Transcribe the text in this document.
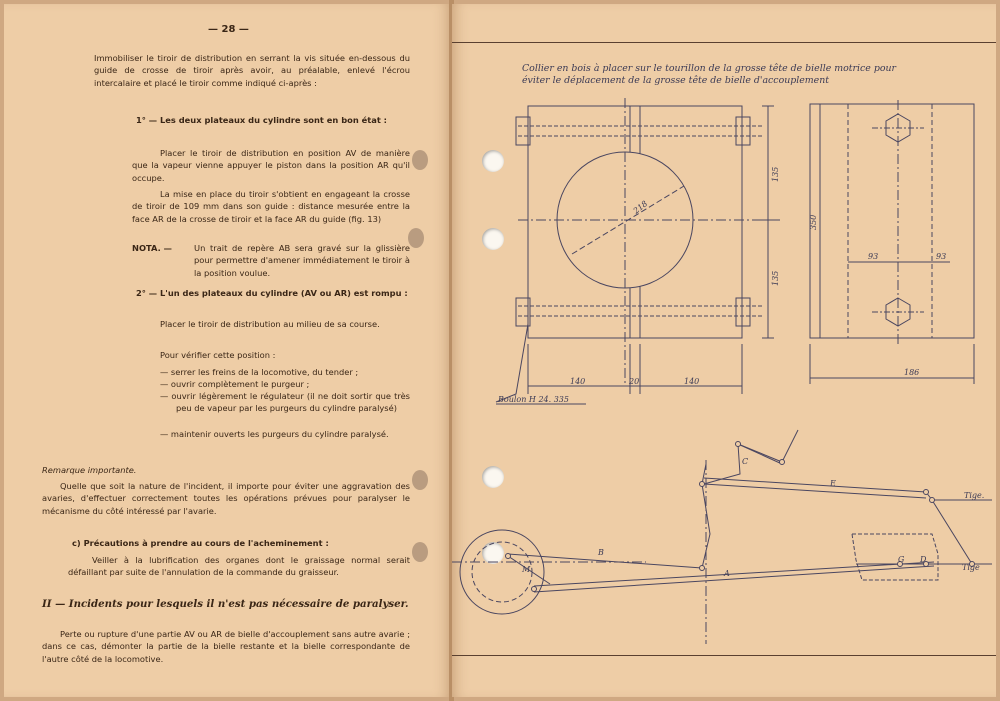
— 28 —
Immobiliser le tiroir de distribution en serrant la vis située en-dessous du guide de crosse de tiroir après avoir, au préalable, enlevé l'écrou intercalaire et placé le tiroir comme indiqué ci-après :
1° — Les deux plateaux du cylindre sont en bon état :
Placer le tiroir de distribution en position AV de manière que la vapeur vienne appuyer le piston dans la position AR qu'il occupe.
La mise en place du tiroir s'obtient en engageant la crosse de tiroir de 109 mm dans son guide : distance mesurée entre la face AR de la crosse de tiroir et la face AR du guide (fig. 13)
NOTA. —	Un trait de repère AB sera gravé sur la glissière pour permettre d'amener immédiatement le tiroir à la position voulue.
2° — L'un des plateaux du cylindre (AV ou AR) est rompu :
Placer le tiroir de distribution au milieu de sa course.
Pour vérifier cette position :
— serrer les freins de la locomotive, du tender ;
— ouvrir complètement le purgeur ;
— ouvrir légèrement le régulateur (il ne doit sortir que très peu de vapeur par les purgeurs du cylindre paralysé)
— maintenir ouverts les purgeurs du cylindre paralysé.
Remarque importante.
Quelle que soit la nature de l'incident, il importe pour éviter une aggravation des avaries, d'effectuer correctement toutes les opérations prévues pour paralyser le mécanisme du côté intéressé par l'avarie.
c) Précautions à prendre au cours de l'acheminement :
Veiller à la lubrification des organes dont le graissage normal serait défaillant par suite de l'annulation de la commande du graisseur.
II — Incidents pour lesquels il n'est pas nécessaire de paralyser.
Perte ou rupture d'une partie AV ou AR de bielle d'accouplement sans autre avarie ; dans ce cas, démonter la partie de la bielle restante et la bielle correspondante de l'autre côté de la locomotive.
Collier en bois à placer sur le tourillon de la grosse tête de bielle motrice pour
éviter le déplacement de la grosse tête de bielle d'accouplement
218
135
135
140	20	140
Boulon H 24. 335
350
93	93
186
B
A
C
E
M
G D
Tige.
Tige
